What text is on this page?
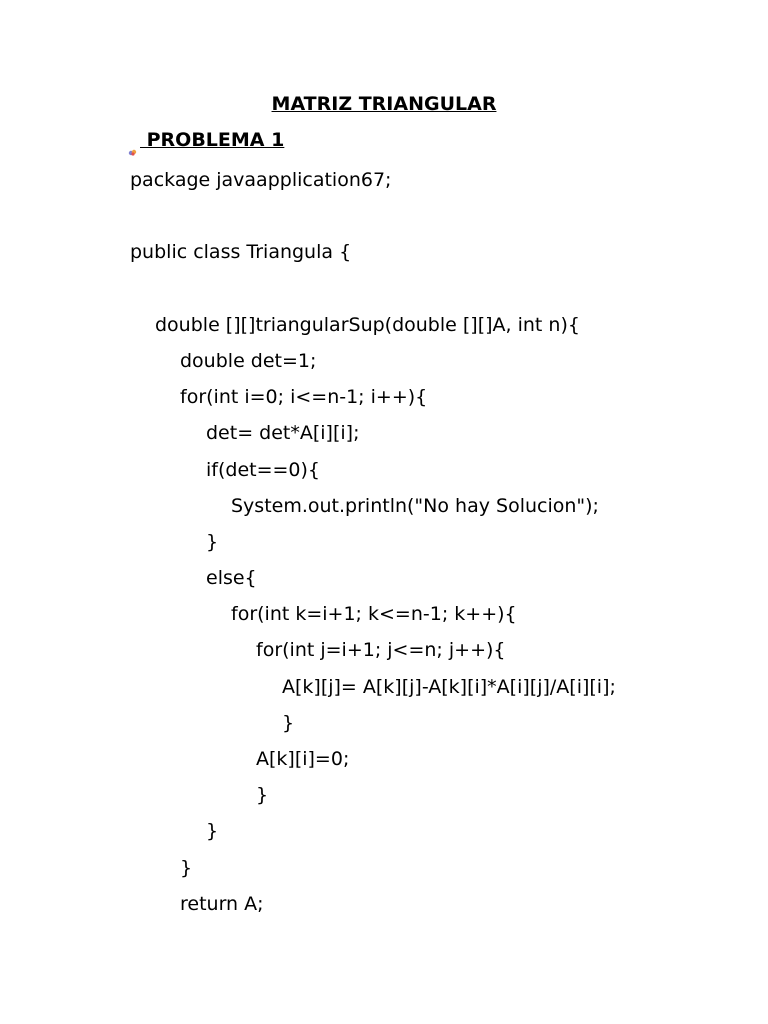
MATRIZ TRIANGULAR
PROBLEMA 1
package javaapplication67;
public class Triangula {
double [][]triangularSup(double [][]A, int n){
double det=1;
for(int i=0; i<=n-1; i++){
det= det*A[i][i];
if(det==0){
System.out.println("No hay Solucion");
}
else{
for(int k=i+1; k<=n-1; k++){
for(int j=i+1; j<=n; j++){
A[k][j]= A[k][j]-A[k][i]*A[i][j]/A[i][i];
}
A[k][i]=0;
}
}
}
return A;
